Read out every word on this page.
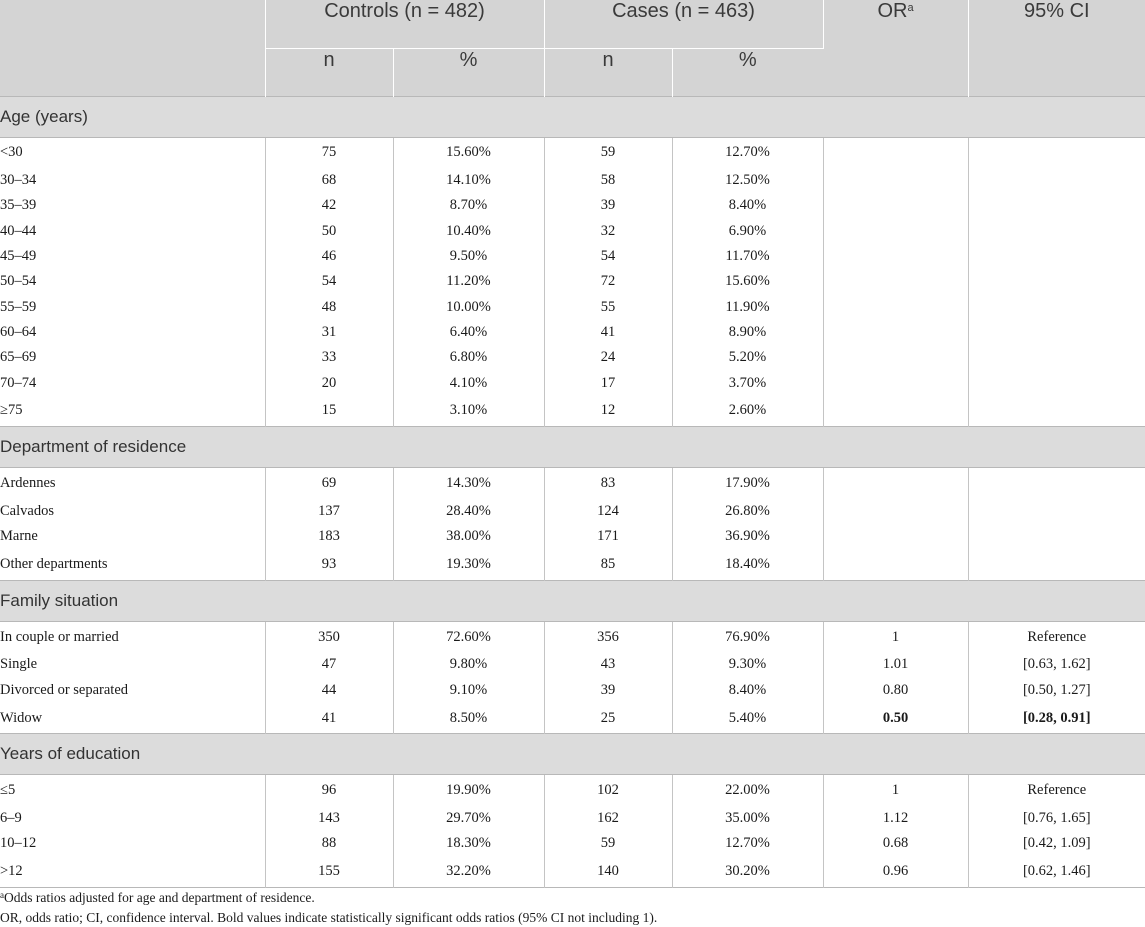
	Controls (n = 482)		Cases (n = 463)		$OR^a$	95% CI
	n	%	n	%		
Age (years)						
<30	75	15.60%	59	12.70%		
30–34	68	14.10%	58	12.50%		
35–39	42	8.70%	39	8.40%		
40–44	50	10.40%	32	6.90%		
45–49	46	9.50%	54	11.70%		
50–54	54	11.20%	72	15.60%		
55–59	48	10.00%	55	11.90%		
60–64	31	6.40%	41	8.90%		
65–69	33	6.80%	24	5.20%		
70–74	20	4.10%	17	3.70%		
≥75	15	3.10%	12	2.60%		
Department of residence						
Ardennes	69	14.30%	83	17.90%		
Calvados	137	28.40%	124	26.80%		
Marne	183	38.00%	171	36.90%		
Other departments	93	19.30%	85	18.40%		
Family situation						
In couple or married	350	72.60%	356	76.90%	1	Reference
Single	47	9.80%	43	9.30%	1.01	[0.63, 1.62]
Divorced or separated	44	9.10%	39	8.40%	0.80	[0.50, 1.27]
Widow	41	8.50%	25	5.40%	0.50	[0.28, 0.91]
Years of education						
≤5	96	19.90%	102	22.00%	1	Reference
6–9	143	29.70%	162	35.00%	1.12	[0.76, 1.65]
10–12	88	18.30%	59	12.70%	0.68	[0.42, 1.09]
>12	155	32.20%	140	30.20%	0.96	[0.62, 1.46]
$^a$Odds ratios adjusted for age and department of residence.
OR, odds ratio; CI, confidence interval. Bold values indicate statistically significant odds ratios (95% CI not including 1).
